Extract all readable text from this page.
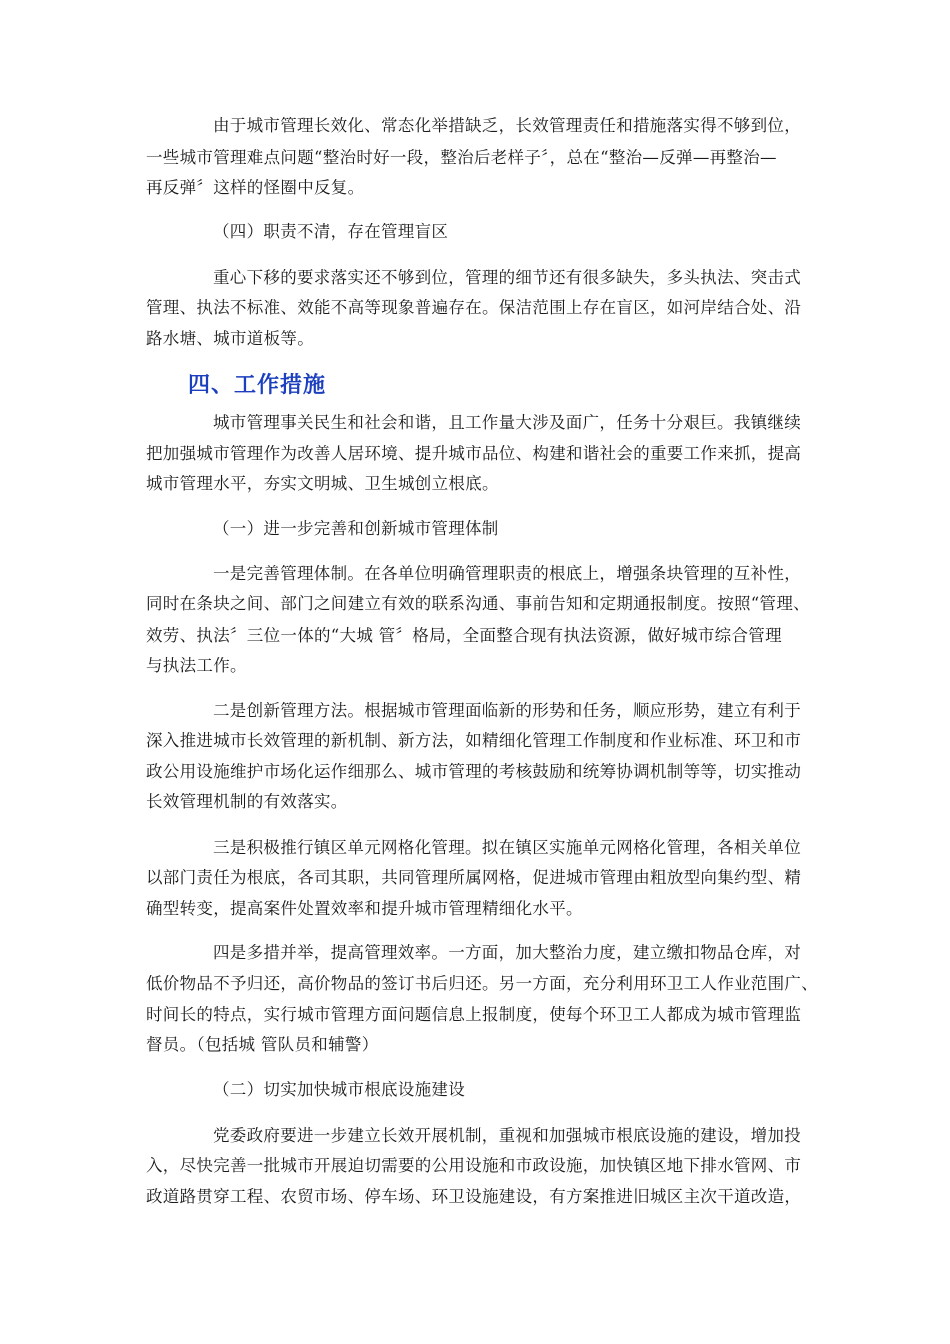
由于城市管理长效化、常态化举措缺乏，长效管理责任和措施落实得不够到位，
一些城市管理难点问题“整治时好一段，整治后老样子〞，总在“整治—反弹—再整治—
再反弹〞这样的怪圈中反复。
（四）职责不清，存在管理盲区
重心下移的要求落实还不够到位，管理的细节还有很多缺失，多头执法、突击式
管理、执法不标准、效能不高等现象普遍存在。保洁范围上存在盲区，如河岸结合处、沿
路水塘、城市道板等。
四、工作措施
城市管理事关民生和社会和谐，且工作量大涉及面广，任务十分艰巨。我镇继续
把加强城市管理作为改善人居环境、提升城市品位、构建和谐社会的重要工作来抓，提高
城市管理水平，夯实文明城、卫生城创立根底。
（一）进一步完善和创新城市管理体制
一是完善管理体制。在各单位明确管理职责的根底上，增强条块管理的互补性，
同时在条块之间、部门之间建立有效的联系沟通、事前告知和定期通报制度。按照“管理、
效劳、执法〞三位一体的“大城 管〞格局，全面整合现有执法资源，做好城市综合管理
与执法工作。
二是创新管理方法。根据城市管理面临新的形势和任务，顺应形势，建立有利于
深入推进城市长效管理的新机制、新方法，如精细化管理工作制度和作业标准、环卫和市
政公用设施维护市场化运作细那么、城市管理的考核鼓励和统筹协调机制等等，切实推动
长效管理机制的有效落实。
三是积极推行镇区单元网格化管理。拟在镇区实施单元网格化管理，各相关单位
以部门责任为根底，各司其职，共同管理所属网格，促进城市管理由粗放型向集约型、精
确型转变，提高案件处置效率和提升城市管理精细化水平。
四是多措并举，提高管理效率。一方面，加大整治力度，建立缴扣物品仓库，对
低价物品不予归还，高价物品的签订书后归还。另一方面，充分利用环卫工人作业范围广、
时间长的特点，实行城市管理方面问题信息上报制度，使每个环卫工人都成为城市管理监
督员。（包括城 管队员和辅警）
（二）切实加快城市根底设施建设
党委政府要进一步建立长效开展机制，重视和加强城市根底设施的建设，增加投
入，尽快完善一批城市开展迫切需要的公用设施和市政设施，加快镇区地下排水管网、市
政道路贯穿工程、农贸市场、停车场、环卫设施建设，有方案推进旧城区主次干道改造，
